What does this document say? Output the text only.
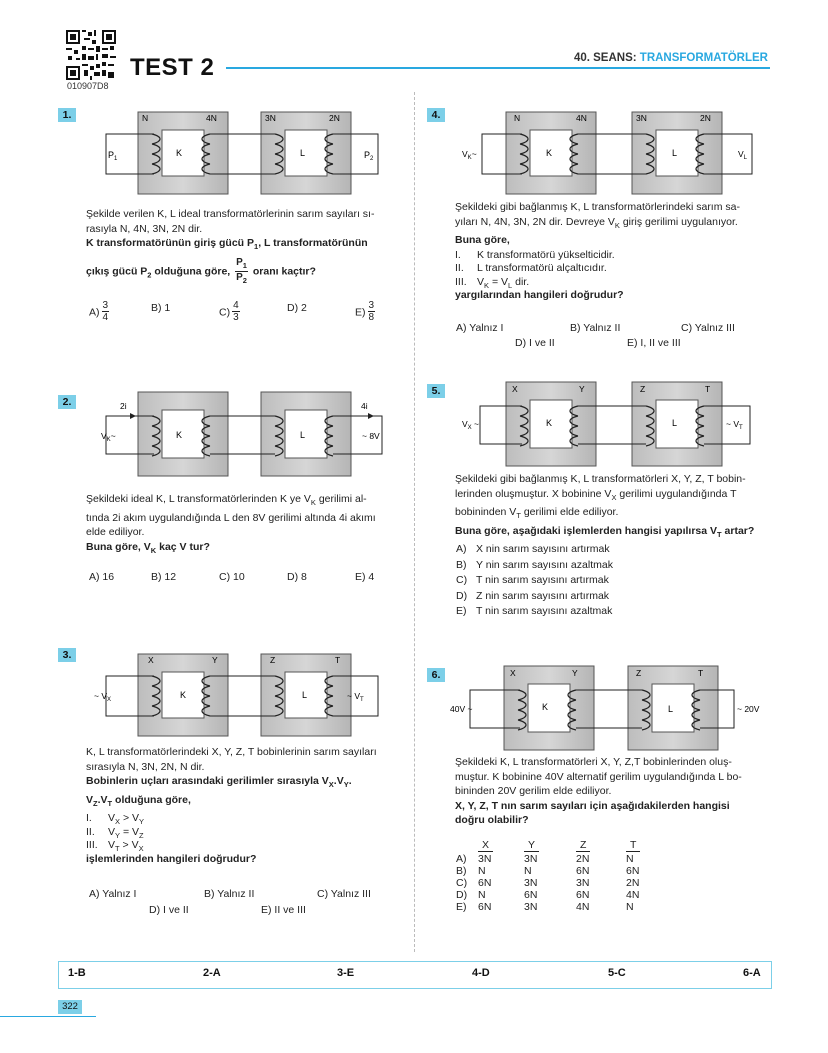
010907D8
TEST 2	40. SEANS: TRANSFORMATÖRLER
1.	N	4N	3N	2N
K	L
$P_1$	$P_2$
Şekilde verilen K, L ideal transformatörlerinin sarım sayıları sı-
rasıyla N, 4N, 3N, 2N dir.
K transformatörünün giriş gücü $P_1$, L transformatörünün
çıkış gücü $P_2$ olduğuna göre, $\frac{P_1}{P_2}$ oranı kaçtır?
$A) \frac{3}{4}$	B) 1	$C) \frac{4}{3}$	D) 2	$E) \frac{3}{8}$
2.	2i	4i
K	L
$V_K\sim$	~ 8V
Şekildeki ideal K, L transformatörlerinden K ye $V_K$ gerilimi al-
tında 2i akım uygulandığında L den 8V gerilimi altında 4i akımı
elde ediliyor.
Buna göre, $V_K$ kaç V tur?
A) 16	B) 12	C) 10	D) 8	E) 4
3.	X	Y	Z	T
K	L
~ $V_X$	~ $V_T$
K, L transformatörlerindeki X, Y, Z, T bobinlerinin sarım sayıları
sırasıyla N, 3N, 2N, N dir.
Bobinlerin uçları arasındaki gerilimler sırasıyla $V_X.V_Y$.
$V_Z.V_T$ olduğuna göre,
I. $V_X > V_Y$
II. $V_Y = V_Z$
III. $V_T > V_X$
işlemlerinden hangileri doğrudur?
A) Yalnız I	B) Yalnız II	C) Yalnız III
D) I ve II	E) II ve III
4.	N	4N	3N	2N
K	L
$V_K\sim$	$V_L$
Şekildeki gibi bağlanmış K, L transformatörlerindeki sarım sa-
yıları N, 4N, 3N, 2N dir. Devreye $V_K$ giriş gerilimi uygulanıyor.
Buna göre,
I. K transformatörü yükselticidir.
II. L transformatörü alçaltıcıdır.
III. $V_K = V_L$ dir.
yargılarından hangileri doğrudur?
A) Yalnız I	B) Yalnız II	C) Yalnız III
D) I ve II	E) I, II ve III
5.	X	Y	Z	T
K	L
$V_X$ ~	~ $V_T$
Şekildeki gibi bağlanmış K, L transformatörleri X, Y, Z, T bobin-
lerinden oluşmuştur. X bobinine $V_X$ gerilimi uygulandığında T
bobininden $V_T$ gerilimi elde ediliyor.
Buna göre, aşağıdaki işlemlerden hangisi yapılırsa $V_T$ artar?
A) X nin sarım sayısını artırmak
B) Y nin sarım sayısını azaltmak
C) T nin sarım sayısını artırmak
D) Z nin sarım sayısını artırmak
E) T nin sarım sayısını azaltmak
6.	X	Y	Z	T
K	L
40V ~	~ 20V
Şekildeki K, L transformatörleri X, Y, Z,T bobinlerinden oluş-
muştur. K bobinine 40V alternatif gerilim uygulandığında L bo-
bininden 20V gerilim elde ediliyor.
X, Y, Z, T nın sarım sayıları için aşağıdakilerden hangisi
doğru olabilir?
	X	Y	Z	T
A)	3N	3N	2N	N
B)	N	N	6N	6N
C)	6N	3N	3N	2N
D)	N	6N	6N	4N
E)	6N	3N	4N	N
1-B	2-A	3-E	4-D	5-C	6-A
322
